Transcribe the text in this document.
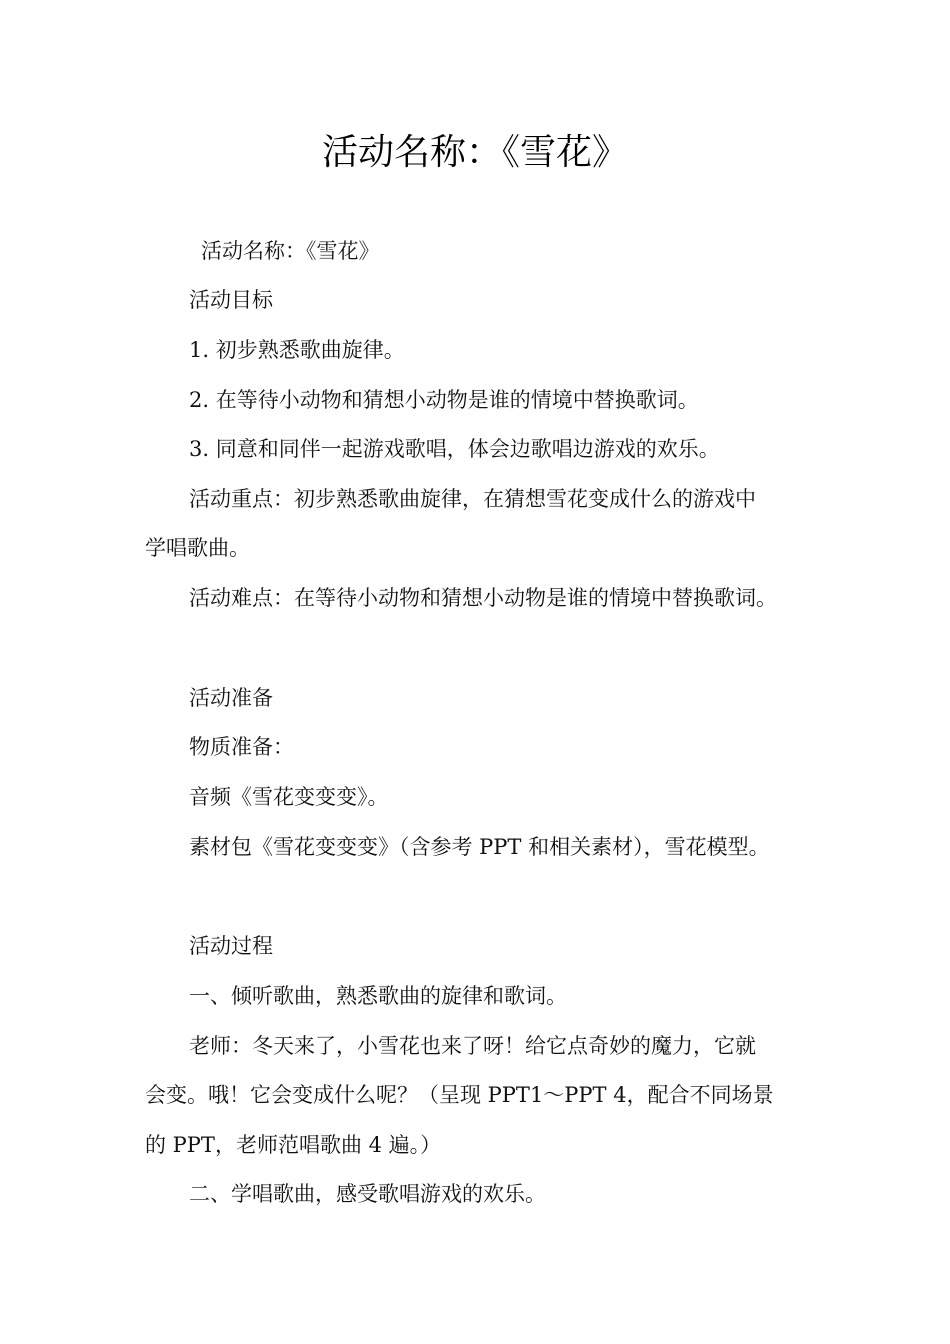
活动名称：《雪花》

活动名称：《雪花》

活动目标

1. 初步熟悉歌曲旋律。

2. 在等待小动物和猜想小动物是谁的情境中替换歌词。

3. 同意和同伴一起游戏歌唱，体会边歌唱边游戏的欢乐。

活动重点：初步熟悉歌曲旋律，在猜想雪花变成什么的游戏中

学唱歌曲。

活动难点：在等待小动物和猜想小动物是谁的情境中替换歌词。

活动准备

物质准备：

音频《雪花变变变》。

素材包《雪花变变变》（含参考 PPT 和相关素材），雪花模型。

活动过程

一、倾听歌曲，熟悉歌曲的旋律和歌词。

老师：冬天来了，小雪花也来了呀！给它点奇妙的魔力，它就

会变。哦！它会变成什么呢？（呈现 PPT1～PPT 4，配合不同场景

的 PPT，老师范唱歌曲 4 遍。）

二、学唱歌曲，感受歌唱游戏的欢乐。
